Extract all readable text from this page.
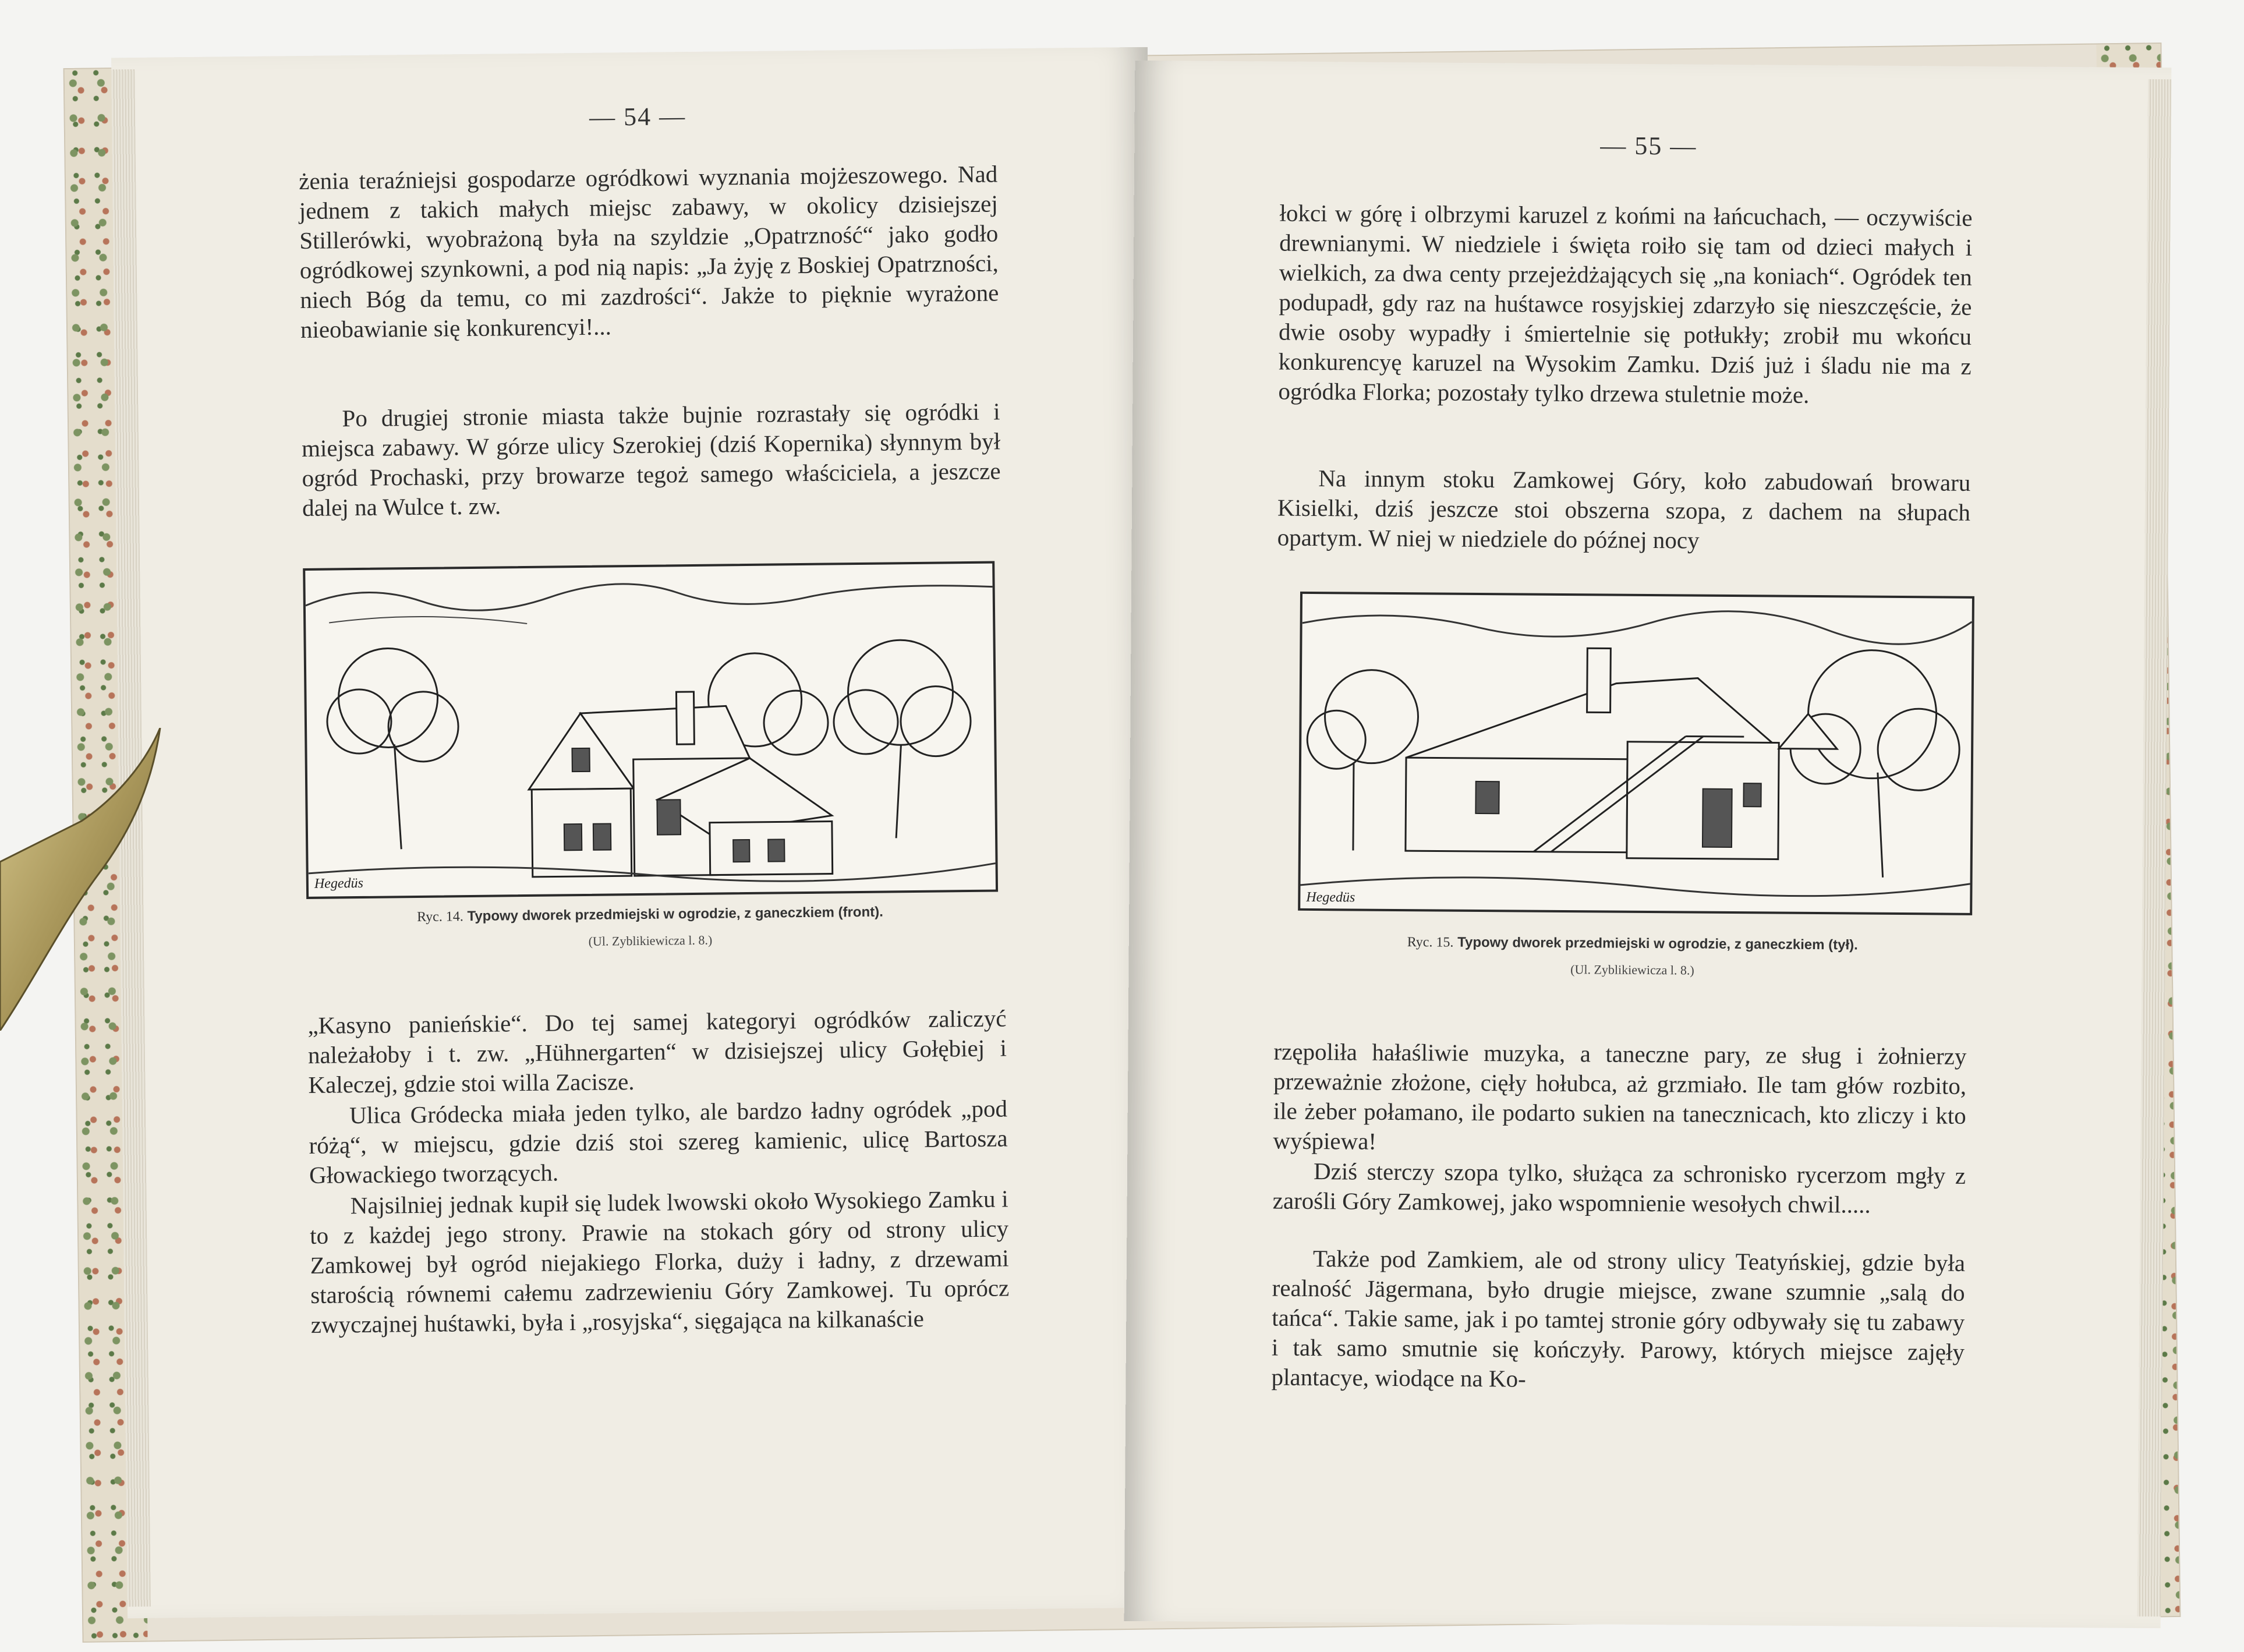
— 54 —

żenia teraźniejsi gospodarze ogródkowi wyznania mojżeszowego. Nad jednem z takich małych miejsc zabawy, w okolicy dzisiejszej Stillerówki, wyobrażoną była na szyldzie „Opatrzność“ jako godło ogródkowej szynkowni, a pod nią napis: „Ja żyję z Boskiej Opatrzności, niech Bóg da temu, co mi zazdrości“. Jakże to pięknie wyrażone nieobawianie się konkurencyi!...

Po drugiej stronie miasta także bujnie rozrastały się ogródki i miejsca zabawy. W górze ulicy Szerokiej (dziś Kopernika) słynnym był ogród Prochaski, przy browarze tegoż samego właściciela, a jeszcze dalej na Wulce t. zw.

Hegedüs
Ryc. 14. Typowy dworek przedmiejski w ogrodzie, z ganeczkiem (front).
(Ul. Zyblikiewicza l. 8.)

„Kasyno panieńskie“. Do tej samej kategoryi ogródków zaliczyć należałoby i t. zw. „Hühnergarten“ w dzisiejszej ulicy Gołębiej i Kaleczej, gdzie stoi willa Zacisze.

Ulica Gródecka miała jeden tylko, ale bardzo ładny ogródek „pod różą“, w miejscu, gdzie dziś stoi szereg kamienic, ulicę Bartosza Głowackiego tworzących.

Najsilniej jednak kupił się ludek lwowski około Wysokiego Zamku i to z każdej jego strony. Prawie na stokach góry od strony ulicy Zamkowej był ogród niejakiego Florka, duży i ładny, z drzewami starością równemi całemu zadrzewieniu Góry Zamkowej. Tu oprócz zwyczajnej huśtawki, była i „rosyjska“, sięgająca na kilkanaście

— 55 —

łokci w górę i olbrzymi karuzel z końmi na łańcuchach, — oczywiście drewnianymi. W niedziele i święta roiło się tam od dzieci małych i wielkich, za dwa centy przejeżdżających się „na koniach“. Ogródek ten podupadł, gdy raz na huśtawce rosyjskiej zdarzyło się nieszczęście, że dwie osoby wypadły i śmiertelnie się potłukły; zrobił mu wkońcu konkurencyę karuzel na Wysokim Zamku. Dziś już i śladu nie ma z ogródka Florka; pozostały tylko drzewa stuletnie może.

Na innym stoku Zamkowej Góry, koło zabudowań browaru Kisielki, dziś jeszcze stoi obszerna szopa, z dachem na słupach opartym. W niej w niedziele do późnej nocy

Hegedüs
Ryc. 15. Typowy dworek przedmiejski w ogrodzie, z ganeczkiem (tył).
(Ul. Zyblikiewicza l. 8.)

rzępoliła hałaśliwie muzyka, a taneczne pary, ze sług i żołnierzy przeważnie złożone, cięły hołubca, aż grzmiało. Ile tam głów rozbito, ile żeber połamano, ile podarto sukien na tanecznicach, kto zliczy i kto wyśpiewa!

Dziś sterczy szopa tylko, służąca za schronisko rycerzom mgły z zarośli Góry Zamkowej, jako wspomnienie wesołych chwil.....

Także pod Zamkiem, ale od strony ulicy Teatyńskiej, gdzie była realność Jägermana, było drugie miejsce, zwane szumnie „salą do tańca“. Takie same, jak i po tamtej stronie góry odbywały się tu zabawy i tak samo smutnie się kończyły. Parowy, których miejsce zajęły plantacye, wiodące na Ko-
